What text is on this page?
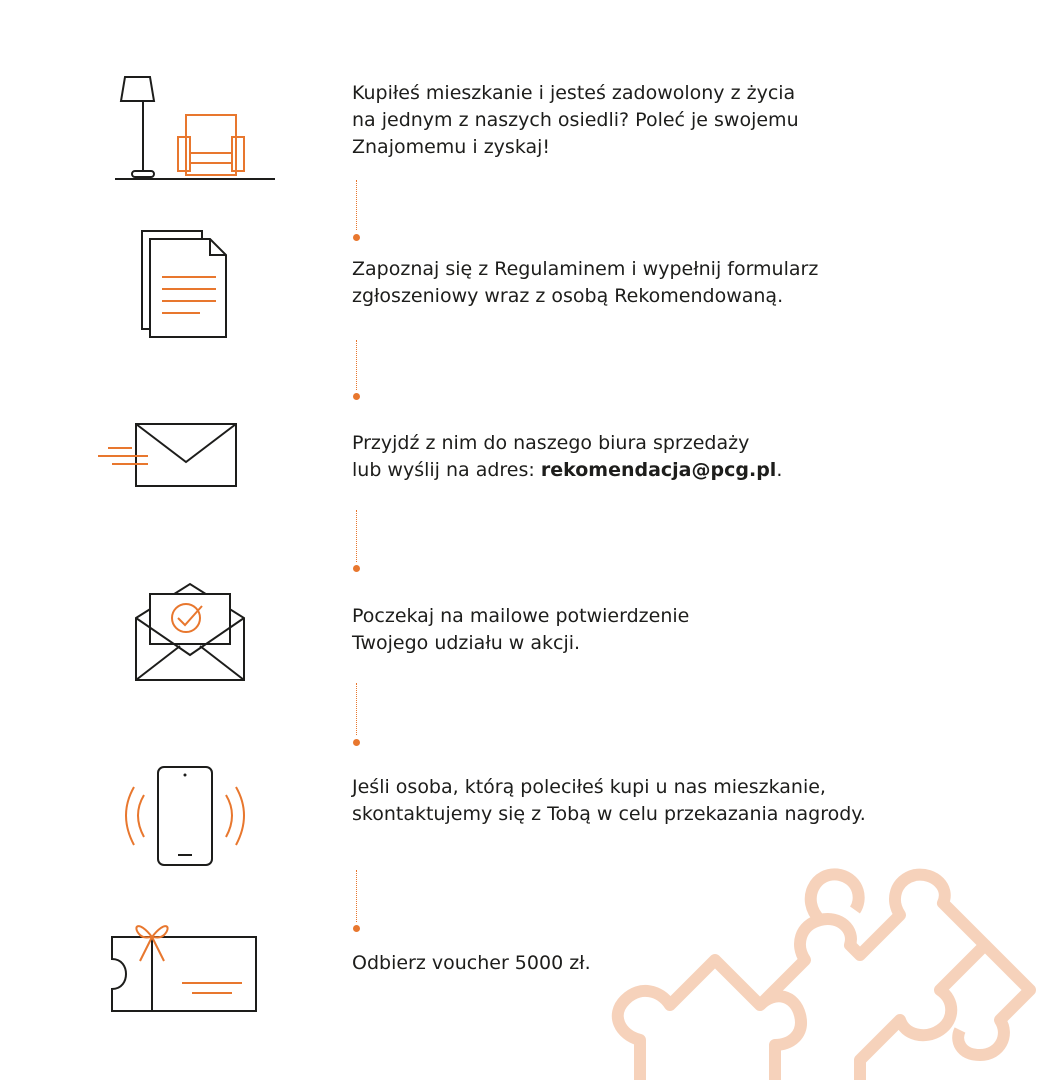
Kupiłeś mieszkanie i jesteś zadowolony z życia
na jednym z naszych osiedli? Poleć je swojemu
Znajomemu i zyskaj!
Zapoznaj się z Regulaminem i wypełnij formularz
zgłoszeniowy wraz z osobą Rekomendowaną.
Przyjdź z nim do naszego biura sprzedaży
lub wyślij na adres: rekomendacja@pcg.pl.
Poczekaj na mailowe potwierdzenie
Twojego udziału w akcji.
Jeśli osoba, którą poleciłeś kupi u nas mieszkanie,
skontaktujemy się z Tobą w celu przekazania nagrody.
Odbierz voucher 5000 zł.
